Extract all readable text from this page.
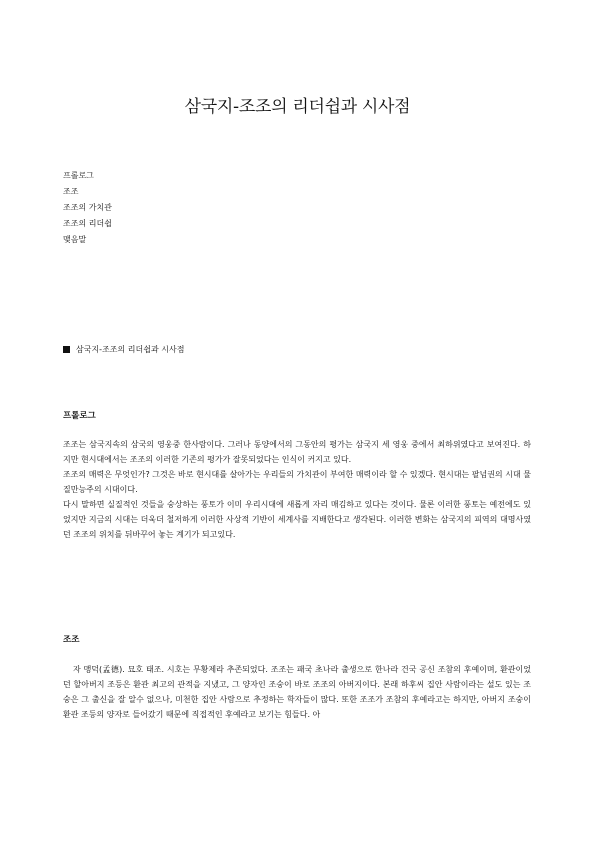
삼국지-조조의 리더쉽과 시사점
프롤로그
조조
조조의 가치관
조조의 리더쉽
맺음말
삼국지-조조의 리더쉽과 시사점
프롤로그

조조는 삼국지속의 삼국의 영웅중 한사람이다. 그러나 동양에서의 그동안의 평가는 삼국지 세 영웅 중에서 최하위였다고 보여진다. 하지만 현시대에서는 조조의 이러한 기존의 평가가 잘못되었다는 인식이 커지고 있다.

조조의 매력은 무엇인가? 그것은 바로 현시대를 살아가는 우리들의 가치관이 부여한 매력이라 할 수 있겠다. 현시대는 팔넘권의 시대 물질만능주의 시대이다.

다시 말하면 실질적인 것들을 숭상하는 풍토가 이미 우리시대에 새롭게 자리 매김하고 있다는 것이다. 물론 이러한 풍토는 예전에도 있었지만 지금의 시대는 더욱더 철저하게 이러한 사상적 기반이 세계사를 지배한다고 생각된다. 이러한 변화는 삼국지의 피역의 대명사였던 조조의 위치를 뒤바꾸어 놓는 계기가 되고있다.

조조

자 맹덕(孟德). 묘호 태조. 시호는 무황제라 추존되었다. 조조는 패국 초나라 출생으로 한나라 건국 공신 조참의 후예이며, 환관이었던 할아버지 조등은 환관 최고의 관적을 지냈고, 그 양자인 조숭이 바로 조조의 아버지이다. 본래 하후씨 집안 사람이라는 설도 있는 조숭은 그 출신을 잘 알수 없으나, 미천한 집안 사람으로 추정하는 학자들이 많다. 또한 조조가 조참의 후예라고는 하지만, 아버지 조숭이 환관 조등의 양자로 들어갔기 때문에 직접적인 후예라고 보기는 힘들다. 아
